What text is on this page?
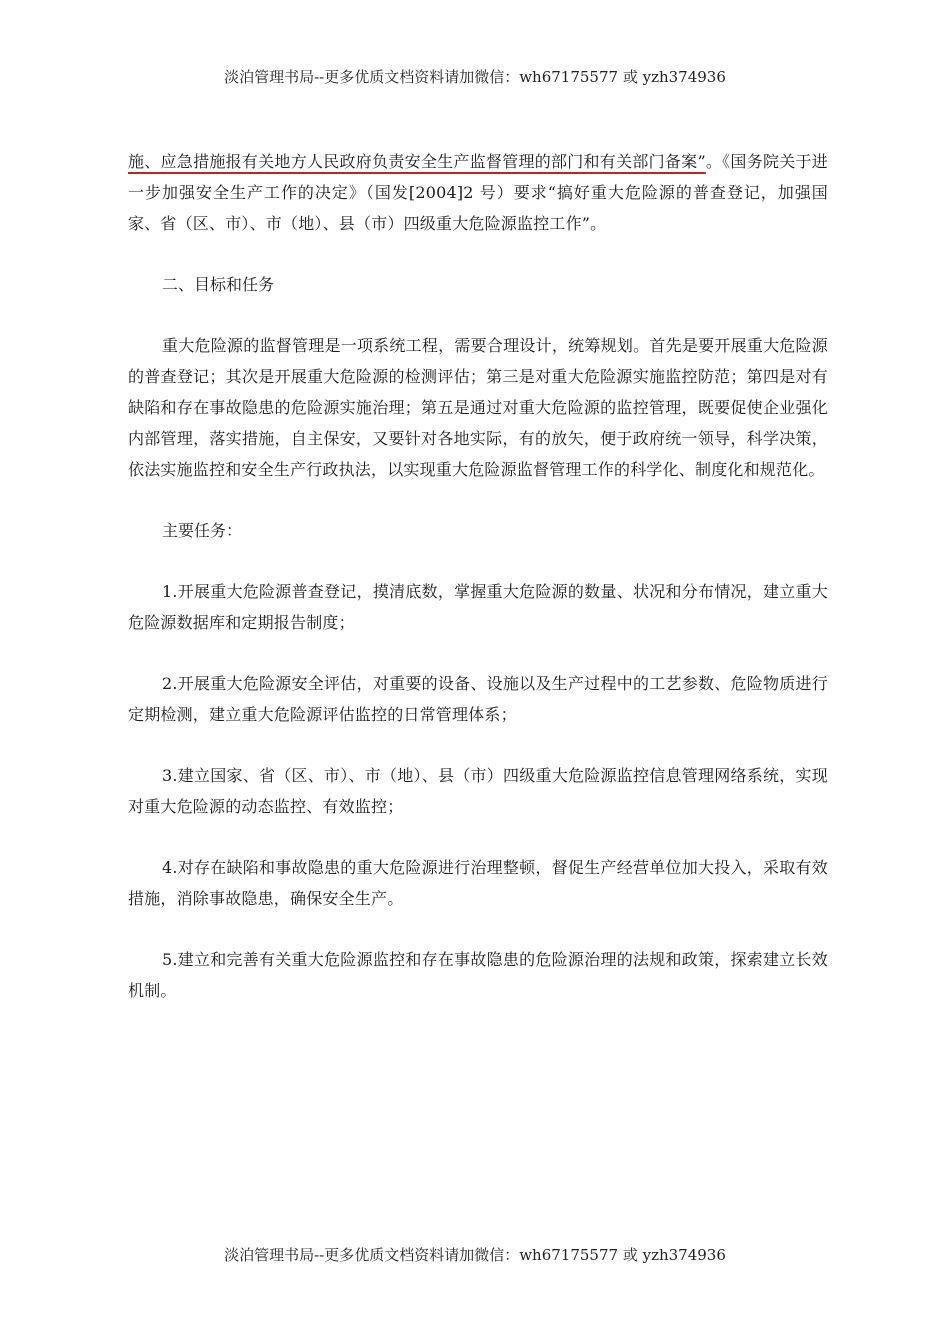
淡泊管理书局--更多优质文档资料请加微信：wh67175577 或 yzh374936

施、应急措施报有关地方人民政府负责安全生产监督管理的部门和有关部门备案”。《国务院关于进一步加强安全生产工作的决定》（国发[2004]2 号）要求“搞好重大危险源的普查登记，加强国家、省（区、市）、市（地）、县（市）四级重大危险源监控工作”。

二、目标和任务

重大危险源的监督管理是一项系统工程，需要合理设计，统筹规划。首先是要开展重大危险源的普查登记；其次是开展重大危险源的检测评估；第三是对重大危险源实施监控防范；第四是对有缺陷和存在事故隐患的危险源实施治理；第五是通过对重大危险源的监控管理，既要促使企业强化内部管理，落实措施，自主保安，又要针对各地实际，有的放矢，便于政府统一领导，科学决策，依法实施监控和安全生产行政执法，以实现重大危险源监督管理工作的科学化、制度化和规范化。

主要任务：

1.开展重大危险源普查登记，摸清底数，掌握重大危险源的数量、状况和分布情况，建立重大危险源数据库和定期报告制度；

2.开展重大危险源安全评估，对重要的设备、设施以及生产过程中的工艺参数、危险物质进行定期检测，建立重大危险源评估监控的日常管理体系；

3.建立国家、省（区、市）、市（地）、县（市）四级重大危险源监控信息管理网络系统，实现对重大危险源的动态监控、有效监控；

4.对存在缺陷和事故隐患的重大危险源进行治理整顿，督促生产经营单位加大投入，采取有效措施，消除事故隐患，确保安全生产。

5.建立和完善有关重大危险源监控和存在事故隐患的危险源治理的法规和政策，探索建立长效机制。

淡泊管理书局--更多优质文档资料请加微信：wh67175577 或 yzh374936
